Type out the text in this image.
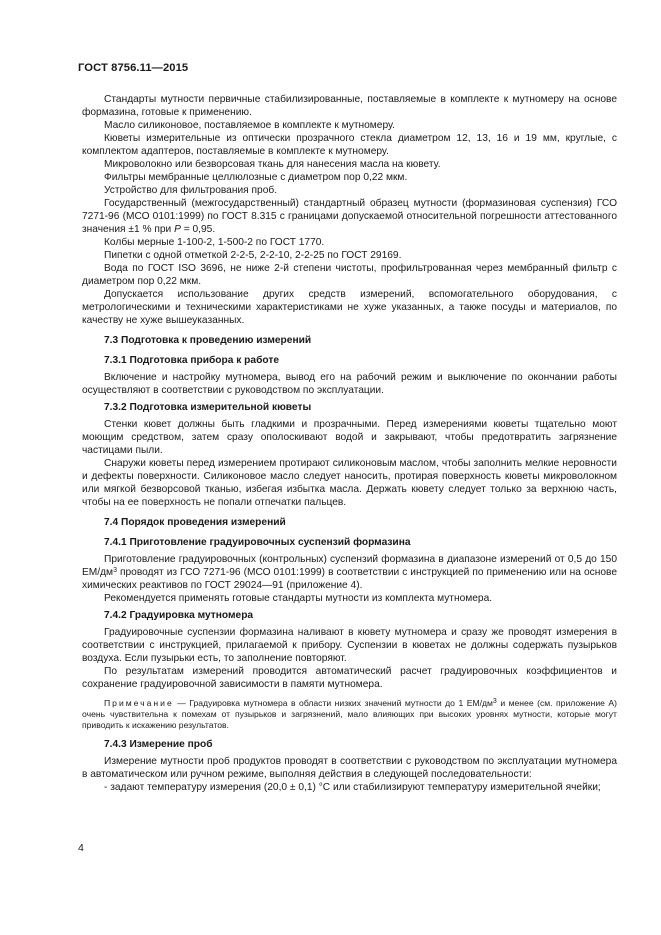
ГОСТ 8756.11—2015

Стандарты мутности первичные стабилизированные, поставляемые в комплекте к мутномеру на основе формазина, готовые к применению.

Масло силиконовое, поставляемое в комплекте к мутномеру.

Кюветы измерительные из оптически прозрачного стекла диаметром 12, 13, 16 и 19 мм, круглые, с комплектом адаптеров, поставляемые в комплекте к мутномеру.

Микроволокно или безворсовая ткань для нанесения масла на кювету.

Фильтры мембранные целлюлозные с диаметром пор 0,22 мкм.

Устройство для фильтрования проб.

Государственный (межгосударственный) стандартный образец мутности (формазиновая суспензия) ГСО 7271-96 (МСО 0101:1999) по ГОСТ 8.315 с границами допускаемой относительной погрешности аттестованного значения ±1 % при P = 0,95.

Колбы мерные 1-100-2, 1-500-2 по ГОСТ 1770.

Пипетки с одной отметкой 2-2-5, 2-2-10, 2-2-25 по ГОСТ 29169.

Вода по ГОСТ ISO 3696, не ниже 2-й степени чистоты, профильтрованная через мембранный фильтр с диаметром пор 0,22 мкм.

Допускается использование других средств измерений, вспомогательного оборудования, с метрологическими и техническими характеристиками не хуже указанных, а также посуды и материалов, по качеству не хуже вышеуказанных.

7.3 Подготовка к проведению измерений
7.3.1 Подготовка прибора к работе

Включение и настройку мутномера, вывод его на рабочий режим и выключение по окончании работы осуществляют в соответствии с руководством по эксплуатации.

7.3.2 Подготовка измерительной кюветы

Стенки кювет должны быть гладкими и прозрачными. Перед измерениями кюветы тщательно моют моющим средством, затем сразу ополоскивают водой и закрывают, чтобы предотвратить загрязнение частицами пыли.

Снаружи кюветы перед измерением протирают силиконовым маслом, чтобы заполнить мелкие неровности и дефекты поверхности. Силиконовое масло следует наносить, протирая поверхность кюветы микроволокном или мягкой безворсовой тканью, избегая избытка масла. Держать кювету следует только за верхнюю часть, чтобы на ее поверхность не попали отпечатки пальцев.

7.4 Порядок проведения измерений
7.4.1 Приготовление градуировочных суспензий формазина

Приготовление градуировочных (контрольных) суспензий формазина в диапазоне измерений от 0,5 до 150 $ЕМ/дм^3$ проводят из ГСО 7271-96 (МСО 0101:1999) в соответствии с инструкцией по применению или на основе химических реактивов по ГОСТ 29024—91 (приложение 4).

Рекомендуется применять готовые стандарты мутности из комплекта мутномера.

7.4.2 Градуировка мутномера

Градуировочные суспензии формазина наливают в кювету мутномера и сразу же проводят измерения в соответствии с инструкцией, прилагаемой к прибору. Суспензии в кюветах не должны содержать пузырьков воздуха. Если пузырьки есть, то заполнение повторяют.

По результатам измерений проводится автоматический расчет градуировочных коэффициентов и сохранение градуировочной зависимости в памяти мутномера.

Примечание — Градуировка мутномера в области низких значений мутности до 1 $ЕМ/дм^3$ и менее (см. приложение А) очень чувствительна к помехам от пузырьков и загрязнений, мало влияющих при высоких уровнях мутности, которые могут приводить к искажению результатов.

7.4.3 Измерение проб

Измерение мутности проб продуктов проводят в соответствии с руководством по эксплуатации мутномера в автоматическом или ручном режиме, выполняя действия в следующей последовательности:

- задают температуру измерения (20,0 ± 0,1) °С или стабилизируют температуру измерительной ячейки;

4
